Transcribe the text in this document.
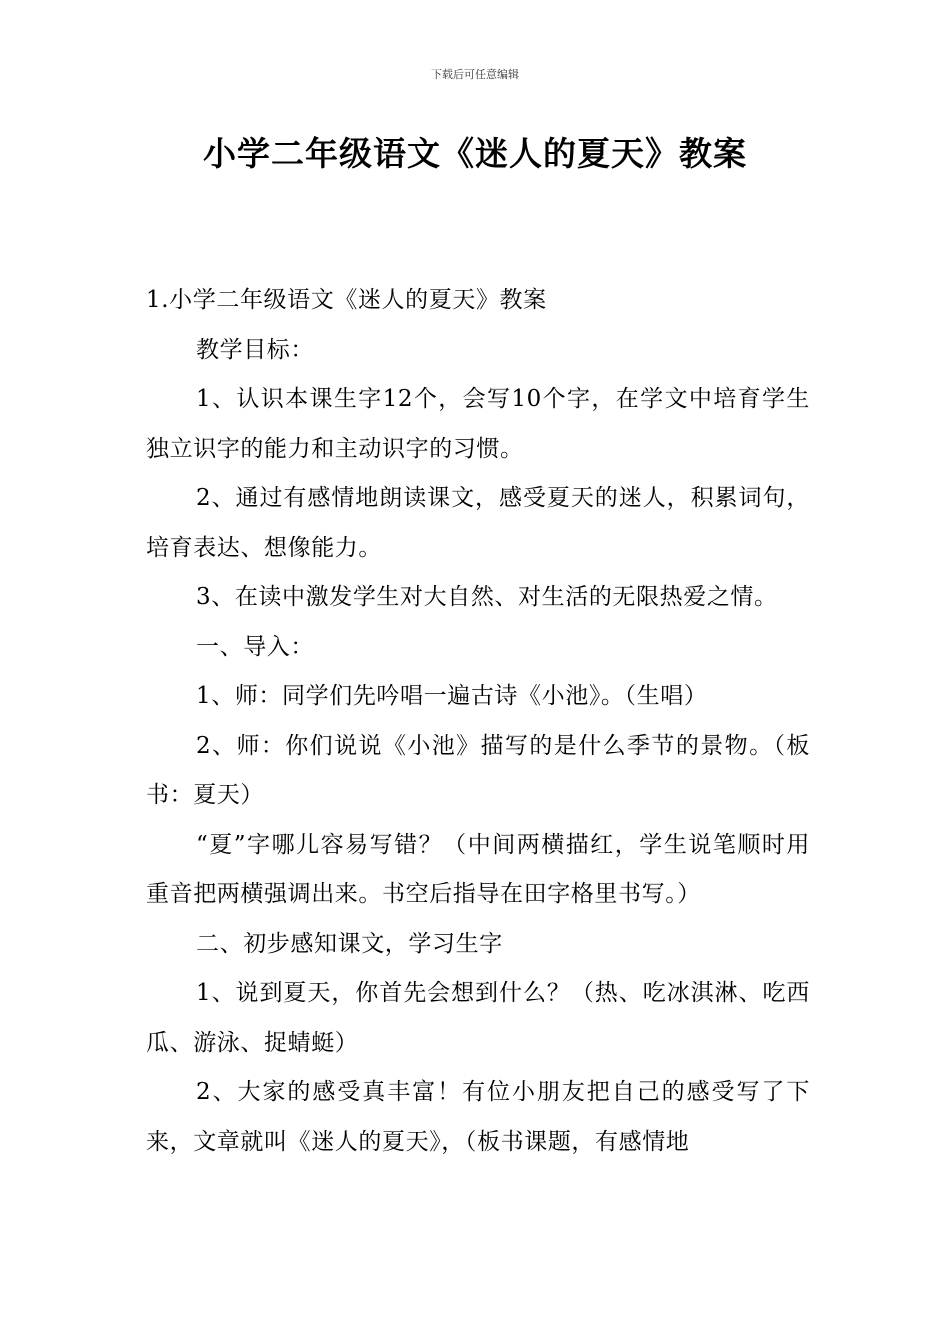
下载后可任意编辑
小学二年级语文《迷人的夏天》教案

1.小学二年级语文《迷人的夏天》教案

教学目标：

1、认识本课生字12个，会写10个字，在学文中培育学生独立识字的能力和主动识字的习惯。

2、通过有感情地朗读课文，感受夏天的迷人，积累词句，培育表达、想像能力。

3、在读中激发学生对大自然、对生活的无限热爱之情。

一、导入：

1、师：同学们先吟唱一遍古诗《小池》。（生唱）

2、师：你们说说《小池》描写的是什么季节的景物。（板书：夏天）

“夏”字哪儿容易写错？（中间两横描红，学生说笔顺时用重音把两横强调出来。书空后指导在田字格里书写。）

二、初步感知课文，学习生字

1、说到夏天，你首先会想到什么？（热、吃冰淇淋、吃西瓜、游泳、捉蜻蜓）

2、大家的感受真丰富！有位小朋友把自己的感受写了下来，文章就叫《迷人的夏天》，（板书课题，有感情地
